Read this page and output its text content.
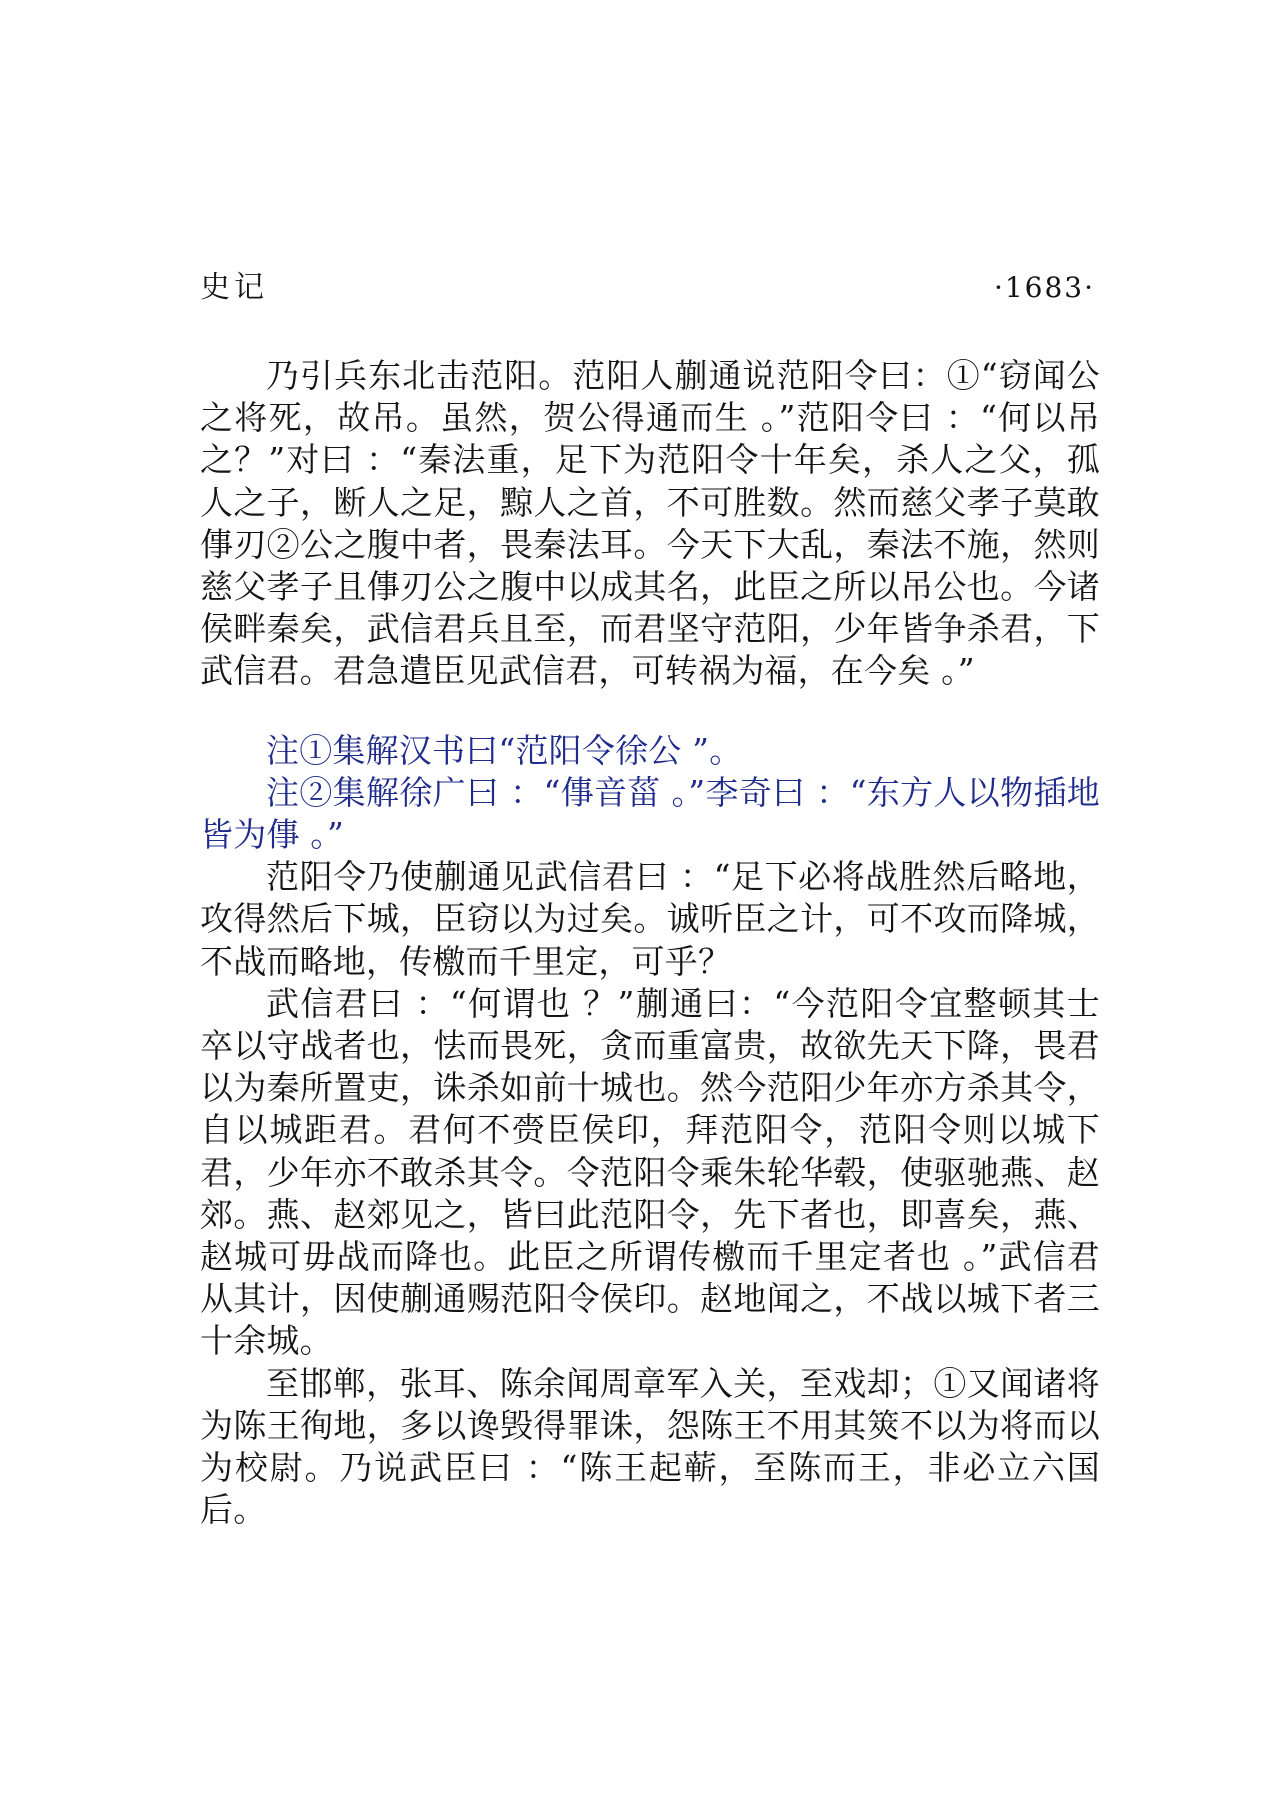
史记	·1683·

乃引兵东北击范阳。范阳人蒯通说范阳令曰：①“窃闻公之将死，故吊。虽然，贺公得通而生 。”范阳令曰 ：“何以吊之？”对曰 ：“秦法重，足下为范阳令十年矣，杀人之父，孤人之子，断人之足，黥人之首，不可胜数。然而慈父孝子莫敢倳刃②公之腹中者，畏秦法耳。今天下大乱，秦法不施，然则慈父孝子且倳刃公之腹中以成其名，此臣之所以吊公也。今诸侯畔秦矣，武信君兵且至，而君坚守范阳，少年皆争杀君，下武信君。君急遣臣见武信君，可转祸为福，在今矣 。”

注①集解汉书曰“范阳令徐公 ”。

注②集解徐广曰 ：“倳音菑 。”李奇曰 ：“东方人以物插地皆为倳 。”

范阳令乃使蒯通见武信君曰 ：“足下必将战胜然后略地，攻得然后下城，臣窃以为过矣。诚听臣之计，可不攻而降城，不战而略地，传檄而千里定，可乎？

武信君曰 ：“何谓也 ？”蒯通曰：“今范阳令宜整顿其士卒以守战者也，怯而畏死，贪而重富贵，故欲先天下降，畏君以为秦所置吏，诛杀如前十城也。然今范阳少年亦方杀其令，自以城距君。君何不赍臣侯印，拜范阳令，范阳令则以城下君，少年亦不敢杀其令。令范阳令乘朱轮华毂，使驱驰燕、赵郊。燕、赵郊见之，皆曰此范阳令，先下者也，即喜矣，燕、赵城可毋战而降也。此臣之所谓传檄而千里定者也 。”武信君从其计，因使蒯通赐范阳令侯印。赵地闻之，不战以城下者三十余城。

至邯郸，张耳、陈余闻周章军入关，至戏却；①又闻诸将为陈王徇地，多以谗毁得罪诛，怨陈王不用其筴不以为将而以为校尉。乃说武臣曰 ：“陈王起蕲，至陈而王，非必立六国后。
